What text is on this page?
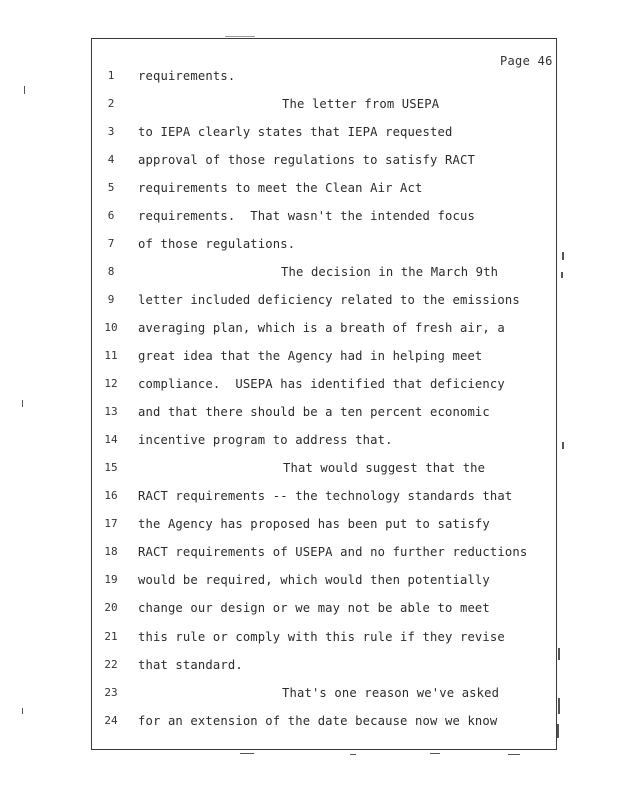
Page 46
1	requirements.
2	The letter from USEPA
3	to IEPA clearly states that IEPA requested
4	approval of those regulations to satisfy RACT
5	requirements to meet the Clean Air Act
6	requirements.  That wasn't the intended focus
7	of those regulations.
8	The decision in the March 9th
9	letter included deficiency related to the emissions
10	averaging plan, which is a breath of fresh air, a
11	great idea that the Agency had in helping meet
12	compliance.  USEPA has identified that deficiency
13	and that there should be a ten percent economic
14	incentive program to address that.
15	That would suggest that the
16	RACT requirements -- the technology standards that
17	the Agency has proposed has been put to satisfy
18	RACT requirements of USEPA and no further reductions
19	would be required, which would then potentially
20	change our design or we may not be able to meet
21	this rule or comply with this rule if they revise
22	that standard.
23	That's one reason we've asked
24	for an extension of the date because now we know
